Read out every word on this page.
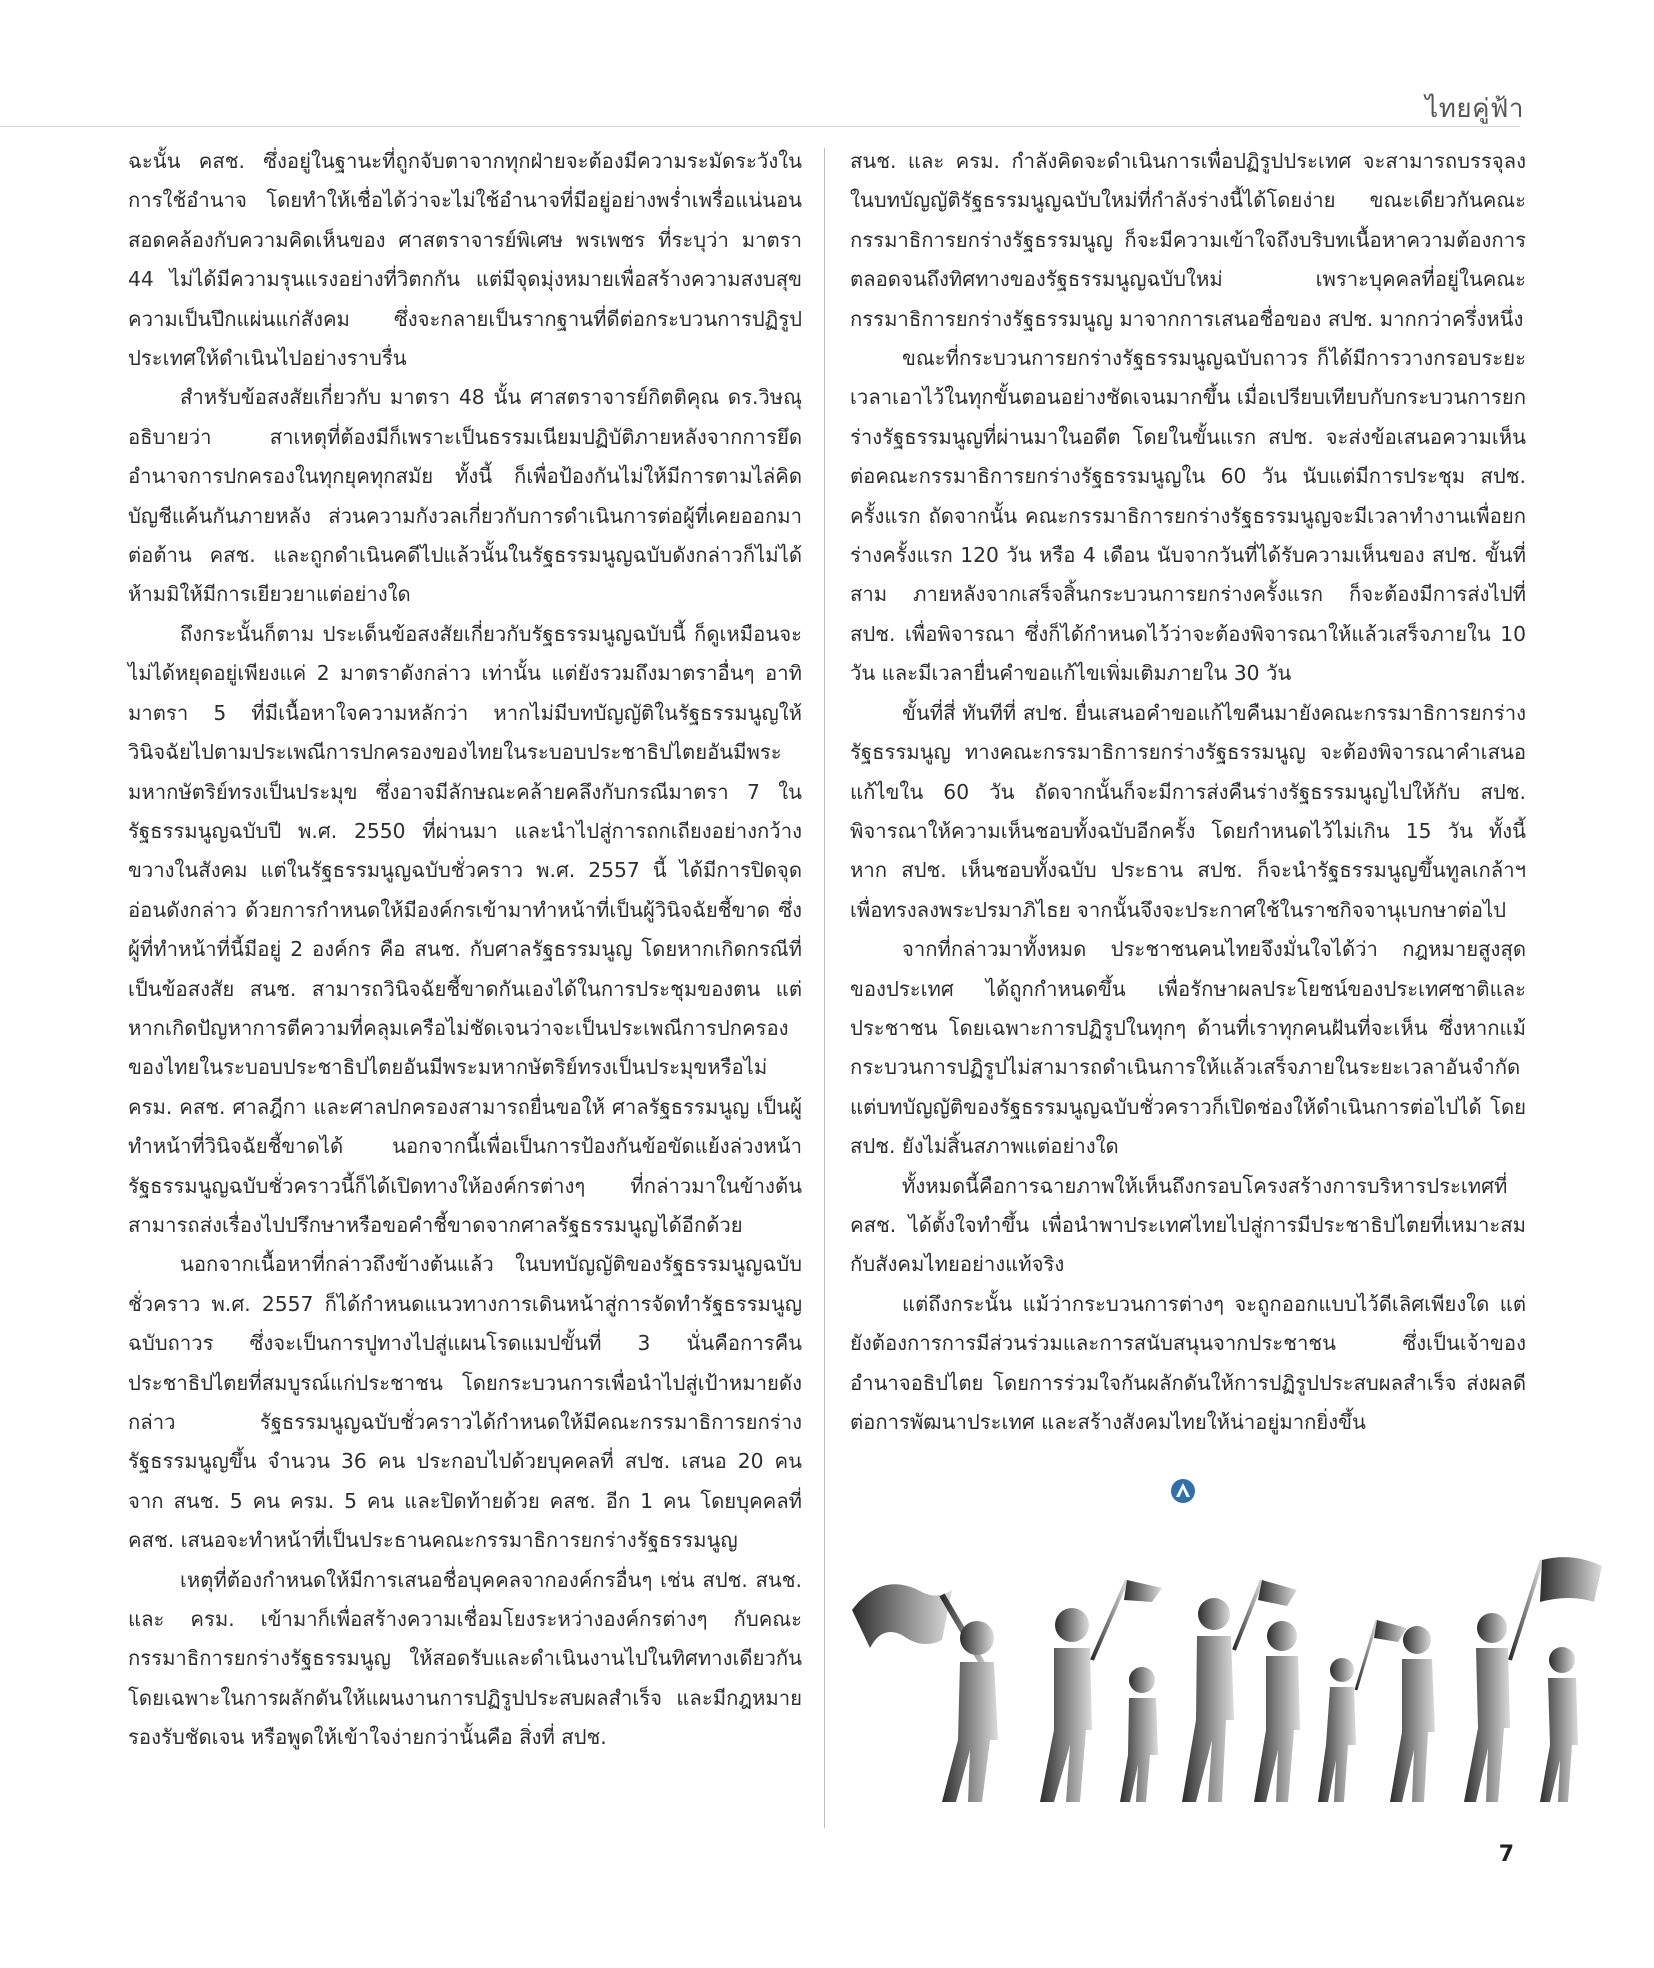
ไทยคู่ฟ้า

ฉะนั้น คสช. ซึ่งอยู่ในฐานะที่ถูกจับตาจากทุกฝ่ายจะต้องมีความระมัดระวังในการใช้อำนาจ โดยทำให้เชื่อได้ว่าจะไม่ใช้อำนาจที่มีอยู่อย่างพร่ำเพรื่อแน่นอน สอดคล้องกับความคิดเห็นของ ศาสตราจารย์พิเศษ พรเพชร ที่ระบุว่า มาตรา 44 ไม่ได้มีความรุนแรงอย่างที่วิตกกัน แต่มีจุดมุ่งหมายเพื่อสร้างความสงบสุข ความเป็นปึกแผ่นแก่สังคม ซึ่งจะกลายเป็นรากฐานที่ดีต่อกระบวนการปฏิรูปประเทศให้ดำเนินไปอย่างราบรื่น

สำหรับข้อสงสัยเกี่ยวกับ มาตรา 48 นั้น ศาสตราจารย์กิตติคุณ ดร.วิษณุ อธิบายว่า สาเหตุที่ต้องมีก็เพราะเป็นธรรมเนียมปฏิบัติภายหลังจากการยึดอำนาจการปกครองในทุกยุคทุกสมัย ทั้งนี้ ก็เพื่อป้องกันไม่ให้มีการตามไล่คิดบัญชีแค้นกันภายหลัง ส่วนความกังวลเกี่ยวกับการดำเนินการต่อผู้ที่เคยออกมาต่อต้าน คสช. และถูกดำเนินคดีไปแล้วนั้นในรัฐธรรมนูญฉบับดังกล่าวก็ไม่ได้ห้ามมิให้มีการเยียวยาแต่อย่างใด

ถึงกระนั้นก็ตาม ประเด็นข้อสงสัยเกี่ยวกับรัฐธรรมนูญฉบับนี้ ก็ดูเหมือนจะไม่ได้หยุดอยู่เพียงแค่ 2 มาตราดังกล่าว เท่านั้น แต่ยังรวมถึงมาตราอื่นๆ อาทิ มาตรา 5 ที่มีเนื้อหาใจความหลักว่า หากไม่มีบทบัญญัติในรัฐธรรมนูญให้วินิจฉัยไปตามประเพณีการปกครองของไทยในระบอบประชาธิปไตยอันมีพระมหากษัตริย์ทรงเป็นประมุข ซึ่งอาจมีลักษณะคล้ายคลึงกับกรณีมาตรา 7 ในรัฐธรรมนูญฉบับปี พ.ศ. 2550 ที่ผ่านมา และนำไปสู่การถกเถียงอย่างกว้างขวางในสังคม แต่ในรัฐธรรมนูญฉบับชั่วคราว พ.ศ. 2557 นี้ ได้มีการปิดจุดอ่อนดังกล่าว ด้วยการกำหนดให้มีองค์กรเข้ามาทำหน้าที่เป็นผู้วินิจฉัยชี้ขาด ซึ่งผู้ที่ทำหน้าที่นี้มีอยู่ 2 องค์กร คือ สนช. กับศาลรัฐธรรมนูญ โดยหากเกิดกรณีที่เป็นข้อสงสัย สนช. สามารถวินิจฉัยชี้ขาดกันเองได้ในการประชุมของตน แต่หากเกิดปัญหาการตีความที่คลุมเครือไม่ชัดเจนว่าจะเป็นประเพณีการปกครองของไทยในระบอบประชาธิปไตยอันมีพระมหากษัตริย์ทรงเป็นประมุขหรือไม่ ครม. คสช. ศาลฎีกา และศาลปกครองสามารถยื่นขอให้ ศาลรัฐธรรมนูญ เป็นผู้ทำหน้าที่วินิจฉัยชี้ขาดได้ นอกจากนี้เพื่อเป็นการป้องกันข้อขัดแย้งล่วงหน้า รัฐธรรมนูญฉบับชั่วคราวนี้ก็ได้เปิดทางให้องค์กรต่างๆ ที่กล่าวมาในข้างต้น สามารถส่งเรื่องไปปรึกษาหรือขอคำชี้ขาดจากศาลรัฐธรรมนูญได้อีกด้วย

นอกจากเนื้อหาที่กล่าวถึงข้างต้นแล้ว ในบทบัญญัติของรัฐธรรมนูญฉบับชั่วคราว พ.ศ. 2557 ก็ได้กำหนดแนวทางการเดินหน้าสู่การจัดทำรัฐธรรมนูญฉบับถาวร ซึ่งจะเป็นการปูทางไปสู่แผนโรดแมปขั้นที่ 3 นั่นคือการคืนประชาธิปไตยที่สมบูรณ์แก่ประชาชน โดยกระบวนการเพื่อนำไปสู่เป้าหมายดังกล่าว รัฐธรรมนูญฉบับชั่วคราวได้กำหนดให้มีคณะกรรมาธิการยกร่างรัฐธรรมนูญขึ้น จำนวน 36 คน ประกอบไปด้วยบุคคลที่ สปช. เสนอ 20 คน จาก สนช. 5 คน ครม. 5 คน และปิดท้ายด้วย คสช. อีก 1 คน โดยบุคคลที่ คสช. เสนอจะทำหน้าที่เป็นประธานคณะกรรมาธิการยกร่างรัฐธรรมนูญ

เหตุที่ต้องกำหนดให้มีการเสนอชื่อบุคคลจากองค์กรอื่นๆ เช่น สปช. สนช. และ ครม. เข้ามาก็เพื่อสร้างความเชื่อมโยงระหว่างองค์กรต่างๆ กับคณะกรรมาธิการยกร่างรัฐธรรมนูญ ให้สอดรับและดำเนินงานไปในทิศทางเดียวกัน โดยเฉพาะในการผลักดันให้แผนงานการปฏิรูปประสบผลสำเร็จ และมีกฎหมายรองรับชัดเจน หรือพูดให้เข้าใจง่ายกว่านั้นคือ สิ่งที่ สปช.

สนช. และ ครม. กำลังคิดจะดำเนินการเพื่อปฏิรูปประเทศ จะสามารถบรรจุลงในบทบัญญัติรัฐธรรมนูญฉบับใหม่ที่กำลังร่างนี้ได้โดยง่าย ขณะเดียวกันคณะกรรมาธิการยกร่างรัฐธรรมนูญ ก็จะมีความเข้าใจถึงบริบทเนื้อหาความต้องการ ตลอดจนถึงทิศทางของรัฐธรรมนูญฉบับใหม่ เพราะบุคคลที่อยู่ในคณะกรรมาธิการยกร่างรัฐธรรมนูญ มาจากการเสนอชื่อของ สปช. มากกว่าครึ่งหนึ่ง

ขณะที่กระบวนการยกร่างรัฐธรรมนูญฉบับถาวร ก็ได้มีการวางกรอบระยะเวลาเอาไว้ในทุกขั้นตอนอย่างชัดเจนมากขึ้น เมื่อเปรียบเทียบกับกระบวนการยกร่างรัฐธรรมนูญที่ผ่านมาในอดีต โดยในขั้นแรก สปช. จะส่งข้อเสนอความเห็นต่อคณะกรรมาธิการยกร่างรัฐธรรมนูญใน 60 วัน นับแต่มีการประชุม สปช. ครั้งแรก ถัดจากนั้น คณะกรรมาธิการยกร่างรัฐธรรมนูญจะมีเวลาทำงานเพื่อยกร่างครั้งแรก 120 วัน หรือ 4 เดือน นับจากวันที่ได้รับความเห็นของ สปช. ขั้นที่สาม ภายหลังจากเสร็จสิ้นกระบวนการยกร่างครั้งแรก ก็จะต้องมีการส่งไปที่ สปช. เพื่อพิจารณา ซึ่งก็ได้กำหนดไว้ว่าจะต้องพิจารณาให้แล้วเสร็จภายใน 10 วัน และมีเวลายื่นคำขอแก้ไขเพิ่มเติมภายใน 30 วัน

ขั้นที่สี่ ทันทีที่ สปช. ยื่นเสนอคำขอแก้ไขคืนมายังคณะกรรมาธิการยกร่างรัฐธรรมนูญ ทางคณะกรรมาธิการยกร่างรัฐธรรมนูญ จะต้องพิจารณาคำเสนอแก้ไขใน 60 วัน ถัดจากนั้นก็จะมีการส่งคืนร่างรัฐธรรมนูญไปให้กับ สปช. พิจารณาให้ความเห็นชอบทั้งฉบับอีกครั้ง โดยกำหนดไว้ไม่เกิน 15 วัน ทั้งนี้ หาก สปช. เห็นชอบทั้งฉบับ ประธาน สปช. ก็จะนำรัฐธรรมนูญขึ้นทูลเกล้าฯ เพื่อทรงลงพระปรมาภิไธย จากนั้นจึงจะประกาศใช้ในราชกิจจานุเบกษาต่อไป

จากที่กล่าวมาทั้งหมด ประชาชนคนไทยจึงมั่นใจได้ว่า กฎหมายสูงสุดของประเทศ ได้ถูกกำหนดขึ้น เพื่อรักษาผลประโยชน์ของประเทศชาติและประชาชน โดยเฉพาะการปฏิรูปในทุกๆ ด้านที่เราทุกคนฝันที่จะเห็น ซึ่งหากแม้กระบวนการปฏิรูปไม่สามารถดำเนินการให้แล้วเสร็จภายในระยะเวลาอันจำกัด แต่บทบัญญัติของรัฐธรรมนูญฉบับชั่วคราวก็เปิดช่องให้ดำเนินการต่อไปได้ โดย สปช. ยังไม่สิ้นสภาพแต่อย่างใด

ทั้งหมดนี้คือการฉายภาพให้เห็นถึงกรอบโครงสร้างการบริหารประเทศที่ คสช. ได้ตั้งใจทำขึ้น เพื่อนำพาประเทศไทยไปสู่การมีประชาธิปไตยที่เหมาะสมกับสังคมไทยอย่างแท้จริง

แต่ถึงกระนั้น แม้ว่ากระบวนการต่างๆ จะถูกออกแบบไว้ดีเลิศเพียงใด แต่ยังต้องการการมีส่วนร่วมและการสนับสนุนจากประชาชน ซึ่งเป็นเจ้าของอำนาจอธิปไตย โดยการร่วมใจกันผลักดันให้การปฏิรูปประสบผลสำเร็จ ส่งผลดีต่อการพัฒนาประเทศ และสร้างสังคมไทยให้น่าอยู่มากยิ่งขึ้น

7
